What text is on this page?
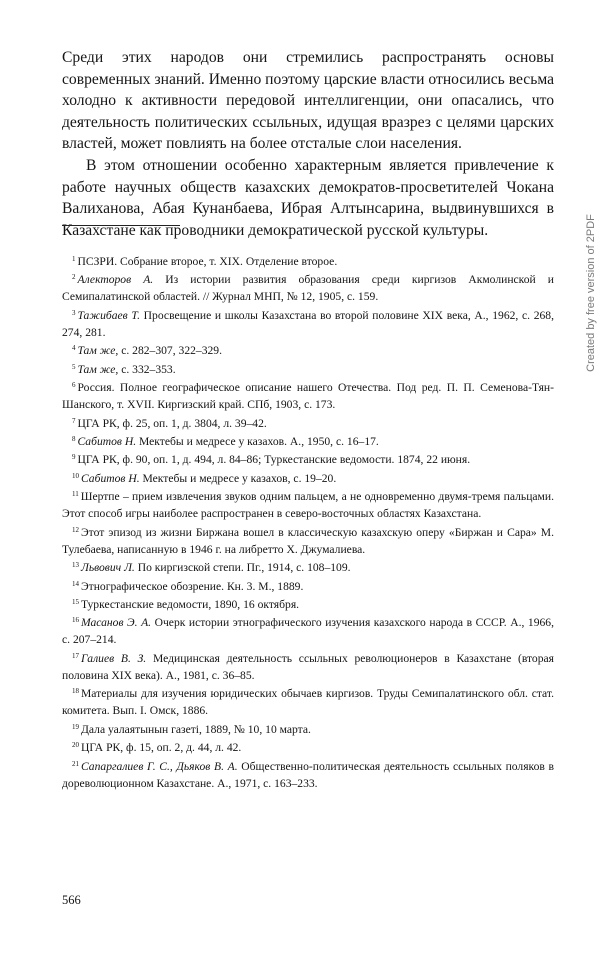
Среди этих народов они стремились распространять основы современных знаний. Именно поэтому царские власти относились весьма холодно к активности передовой интеллигенции, они опасались, что деятельность политических ссыльных, идущая вразрез с целями царских властей, может повлиять на более отсталые слои населения.

В этом отношении особенно характерным является привлечение к работе научных обществ казахских демократов-просветителей Чокана Валиханова, Абая Кунанбаева, Ибрая Алтынсарина, выдвинувшихся в Казахстане как проводники демократической русской культуры.

$^1$ ПСЗРИ. Собрание второе, т. XIX. Отделение второе.

$^2$ Алекторов А. Из истории развития образования среди киргизов Акмолинской и Семипалатинской областей. // Журнал МНП, № 12, 1905, с. 159.

$^3$ Тажибаев Т. Просвещение и школы Казахстана во второй половине XIX века, А., 1962, с. 268, 274, 281.

$^4$ Там же, с. 282–307, 322–329.

$^5$ Там же, с. 332–353.

$^6$ Россия. Полное географическое описание нашего Отечества. Под ред. П. П. Семенова-Тян-Шанского, т. XVII. Киргизский край. СПб, 1903, с. 173.

$^7$ ЦГА РК, ф. 25, оп. 1, д. 3804, л. 39–42.

$^8$ Сабитов Н. Мектебы и медресе у казахов. А., 1950, с. 16–17.

$^9$ ЦГА РК, ф. 90, оп. 1, д. 494, л. 84–86; Туркестанские ведомости. 1874, 22 июня.

$^{10}$ Сабитов Н. Мектебы и медресе у казахов, с. 19–20.

$^{11}$ Шертпе – прием извлечения звуков одним пальцем, а не одновременно двумя-тремя пальцами. Этот способ игры наиболее распространен в северо-восточных областях Казахстана.

$^{12}$ Этот эпизод из жизни Биржана вошел в классическую казахскую оперу «Биржан и Сара» М. Тулебаева, написанную в 1946 г. на либретто Х. Джумалиева.

$^{13}$ Львович Л. По киргизской степи. Пг., 1914, с. 108–109.

$^{14}$ Этнографическое обозрение. Кн. 3. М., 1889.

$^{15}$ Туркестанские ведомости, 1890, 16 октября.

$^{16}$ Масанов Э. А. Очерк истории этнографического изучения казахского народа в СССР. А., 1966, с. 207–214.

$^{17}$ Галиев В. З. Медицинская деятельность ссыльных революционеров в Казахстане (вторая половина XIX века). А., 1981, с. 36–85.

$^{18}$ Материалы для изучения юридических обычаев киргизов. Труды Семипалатинского обл. стат. комитета. Вып. I. Омск, 1886.

$^{19}$ Дала уалаятынын газеті, 1889, № 10, 10 марта.

$^{20}$ ЦГА РК, ф. 15, оп. 2, д. 44, л. 42.

$^{21}$ Сапаргалиев Г. С., Дьяков В. А. Общественно-политическая деятельность ссыльных поляков в дореволюционном Казахстане. А., 1971, с. 163–233.

566
Created by free version of 2PDF
